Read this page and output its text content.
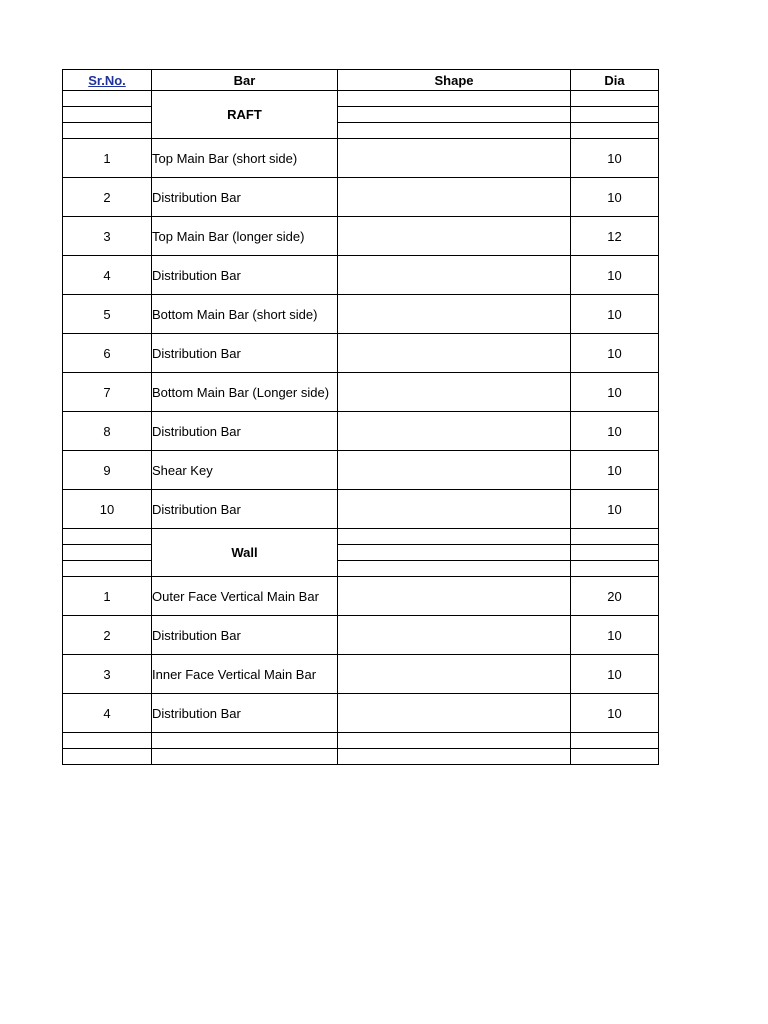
Sr.No.	Bar	Shape	Dia
	RAFT		

1	Top Main Bar (short side)		10
2	Distribution Bar		10
3	Top Main Bar (longer side)		12
4	Distribution Bar		10
5	Bottom Main Bar (short side)		10
6	Distribution Bar		10
7	Bottom Main Bar (Longer side)		10
8	Distribution Bar		10
9	Shear Key		10
10	Distribution Bar		10
	Wall		

1	Outer Face Vertical Main Bar		20
2	Distribution Bar		10
3	Inner Face Vertical Main Bar		10
4	Distribution Bar		10
